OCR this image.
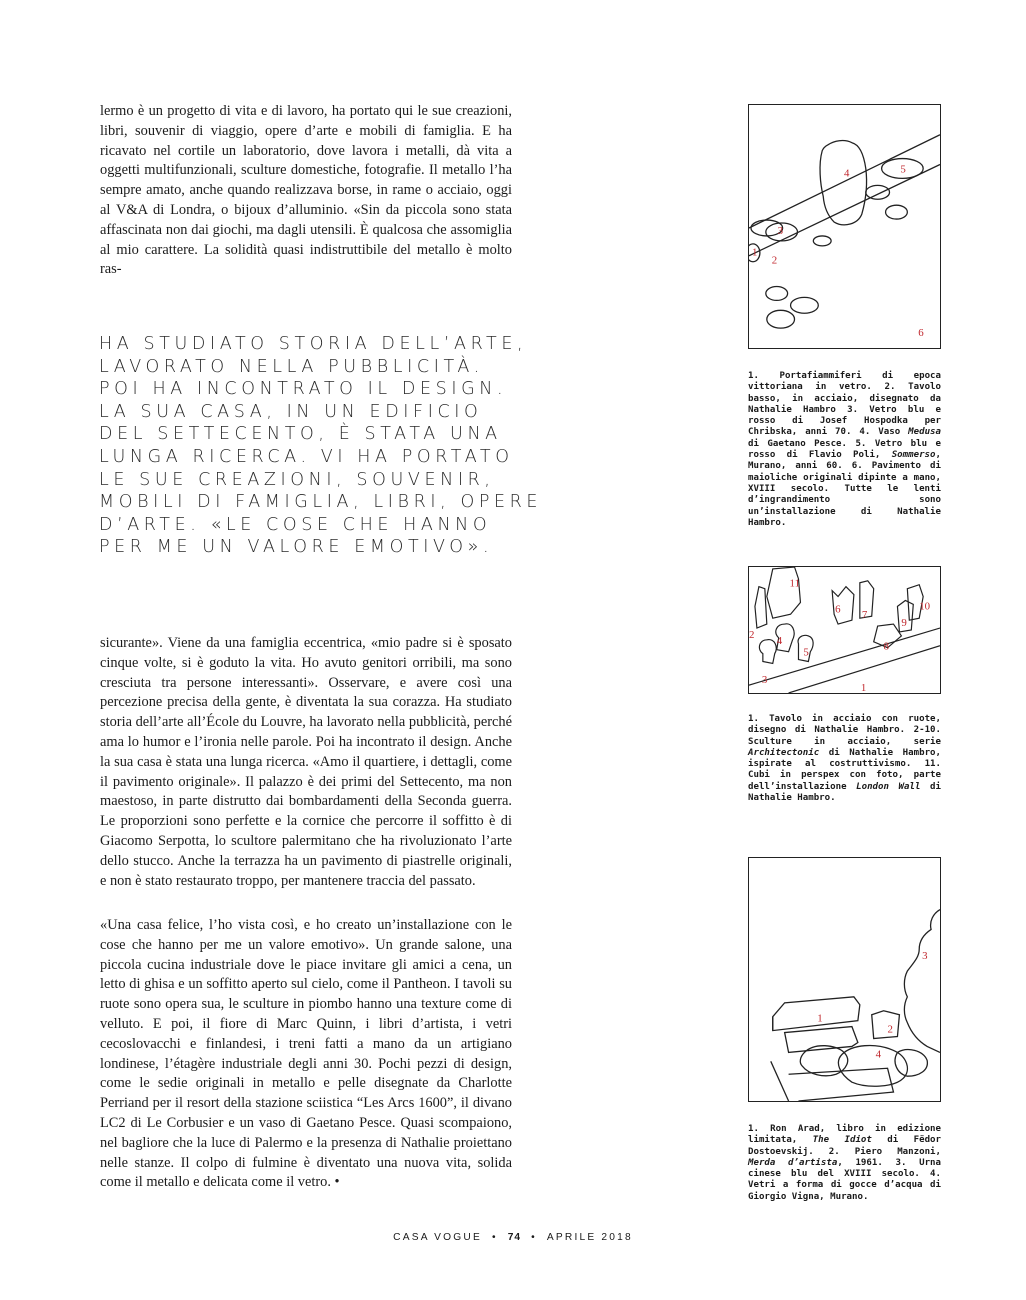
lermo è un progetto di vita e di lavoro, ha portato qui le sue creazioni, libri, souvenir di viaggio, opere d’arte e mobili di famiglia. E ha ricavato nel cortile un laboratorio, dove lavora i metalli, dà vita a oggetti multifunzionali, sculture domestiche, fotografie. Il metallo l’ha sempre amato, anche quando realizzava borse, in rame o acciaio, oggi al V&A di Londra, o bijoux d’alluminio. «Sin da piccola sono stata affascinata non dai giochi, ma dagli utensili. È qualcosa che assomiglia al mio carattere. La solidità quasi indistruttibile del metallo è molto ras-

HA STUDIATO STORIA DELL’ARTE,
LAVORATO NELLA PUBBLICITÀ.
POI HA INCONTRATO IL DESIGN.
LA SUA CASA, IN UN EDIFICIO
DEL SETTECENTO, È STATA UNA
LUNGA RICERCA. VI HA PORTATO
LE SUE CREAZIONI, SOUVENIR,
MOBILI DI FAMIGLIA, LIBRI, OPERE
D’ARTE. «LE COSE CHE HANNO
PER ME UN VALORE EMOTIVO».

sicurante». Viene da una famiglia eccentrica, «mio padre si è sposato cinque volte, si è goduto la vita. Ho avuto genitori orribili, ma sono cresciuta tra persone interessanti». Osservare, e avere così una percezione precisa della gente, è diventata la sua corazza. Ha studiato storia dell’arte all’École du Louvre, ha lavorato nella pubblicità, perché ama lo humor e l’ironia nelle parole. Poi ha incontrato il design. Anche la sua casa è stata una lunga ricerca. «Amo il quartiere, i dettagli, come il pavimento originale». Il palazzo è dei primi del Settecento, ma non maestoso, in parte distrutto dai bombardamenti della Seconda guerra. Le proporzioni sono perfette e la cornice che percorre il soffitto è di Giacomo Serpotta, lo scultore palermitano che ha rivoluzionato l’arte dello stucco. Anche la terrazza ha un pavimento di piastrelle originali, e non è stato restaurato troppo, per mantenere traccia del passato.

«Una casa felice, l’ho vista così, e ho creato un’installazione con le cose che hanno per me un valore emotivo». Un grande salone, una piccola cucina industriale dove le piace invitare gli amici a cena, un letto di ghisa e un soffitto aperto sul cielo, come il Pantheon. I tavoli su ruote sono opera sua, le sculture in piombo hanno una texture come di velluto. E poi, il fiore di Marc Quinn, i libri d’artista, i vetri cecoslovacchi e finlandesi, i treni fatti a mano da un artigiano londinese, l’étagère industriale degli anni 30. Pochi pezzi di design, come le sedie originali in metallo e pelle disegnate da Charlotte Perriand per il resort della stazione sciistica “Les Arcs 1600”, il divano LC2 di Le Corbusier e un vaso di Gaetano Pesce. Quasi scompaiono, nel bagliore che la luce di Palermo e la presenza di Nathalie proiettano nelle stanze. Il colpo di fulmine è diventato una nuova vita, solida come il metallo e delicata come il vetro. •

4	5
3
1
2
6

1. Portafiammiferi di epoca vittoriana in vetro. 2. Tavolo basso, in acciaio, disegnato da Nathalie Hambro 3. Vetro blu e rosso di Josef Hospodka per Chribska, anni 70. 4. Vaso Medusa di Gaetano Pesce. 5. Vetro blu e rosso di Flavio Poli, Sommerso, Murano, anni 60. 6. Pavimento di maioliche originali dipinte a mano, XVIII secolo. Tutte le lenti d’ingrandimento sono un’installazione di Nathalie Hambro.

11
6 7
10
9
8
2 4
5
3
1

1. Tavolo in acciaio con ruote, disegno di Nathalie Hambro. 2-10. Sculture in acciaio, serie Architectonic di Nathalie Hambro, ispirate al costruttivismo. 11. Cubi in perspex con foto, parte dell’installazione London Wall di Nathalie Hambro.

3
1
2
4

1. Ron Arad, libro in edizione limitata, The Idiot di Fëdor Dostoevskij. 2. Piero Manzoni, Merda d’artista, 1961. 3. Urna cinese blu del XVIII secolo. 4. Vetri a forma di gocce d’acqua di Giorgio Vigna, Murano.

CASA VOGUE • 74 • APRILE 2018
